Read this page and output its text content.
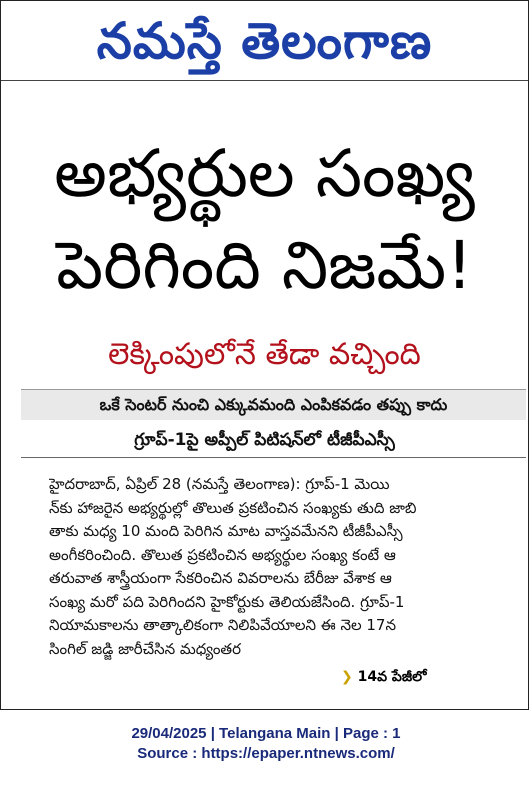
నమస్తే తెలంగాణ
అభ్యర్థుల సంఖ్య
పెరిగింది నిజమే!
లెక్కింపులోనే తేడా వచ్చింది
ఒకే సెంటర్ నుంచి ఎక్కువమంది ఎంపికవడం తప్పు కాదు
గ్రూప్-1పై అప్పీల్ పిటిషన్‌లో టీజీపీఎస్సీ
హైదరాబాద్, ఏప్రిల్ 28 (నమస్తే తెలంగాణ): గ్రూప్-1 మెయి
న్‌కు హాజరైన అభ్యర్థుల్లో తొలుత ప్రకటించిన సంఖ్యకు తుది జాబి
తాకు మధ్య 10 మంది పెరిగిన మాట వాస్తవమేనని టీజీపీఎస్సీ
అంగీకరించింది. తొలుత ప్రకటించిన అభ్యర్థుల సంఖ్య కంటే ఆ
తరువాత శాస్త్రీయంగా సేకరించిన వివరాలను బేరీజు వేశాక ఆ
సంఖ్య మరో పది పెరిగిందని హైకోర్టుకు తెలియజేసింది. గ్రూప్-1
నియామకాలను తాత్కాలికంగా నిలిపివేయాలని ఈ నెల 17న
సింగిల్ జడ్జి జారీచేసిన మధ్యంతర
❯ 14వ పేజీలో
29/04/2025 | Telangana Main | Page : 1
Source : https://epaper.ntnews.com/
